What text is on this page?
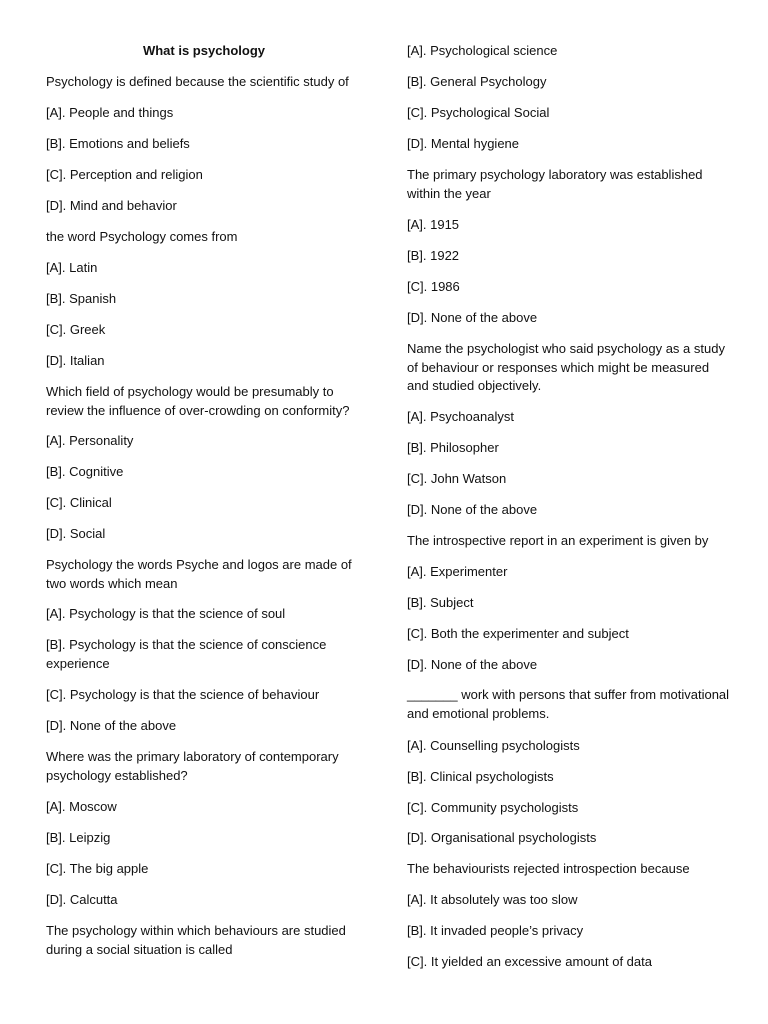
What is psychology
Psychology is defined because the scientific study of
[A]. People and things
[B]. Emotions and beliefs
[C]. Perception and religion
[D]. Mind and behavior
the word Psychology comes from
[A]. Latin
[B]. Spanish
[C]. Greek
[D]. Italian
Which field of psychology would be presumably to review the influence of over-crowding on conformity?
[A]. Personality
[B]. Cognitive
[C]. Clinical
[D]. Social
Psychology the words Psyche and logos are made of two words which mean
[A]. Psychology is that the science of soul
[B]. Psychology is that the science of conscience experience
[C]. Psychology is that the science of behaviour
[D]. None of the above
Where was the primary laboratory of contemporary psychology established?
[A]. Moscow
[B]. Leipzig
[C]. The big apple
[D]. Calcutta
The psychology within which behaviours are studied during a social situation is called
[A]. Psychological science
[B]. General Psychology
[C]. Psychological Social
[D]. Mental hygiene
The primary psychology laboratory was established within the year
[A]. 1915
[B]. 1922
[C]. 1986
[D]. None of the above
Name the psychologist who said psychology as a study of behaviour or responses which might be measured and studied objectively.
[A]. Psychoanalyst
[B]. Philosopher
[C]. John Watson
[D]. None of the above
The introspective report in an experiment is given by
[A]. Experimenter
[B]. Subject
[C]. Both the experimenter and subject
[D]. None of the above
_______ work with persons that suffer from motivational and emotional problems.
[A]. Counselling psychologists
[B]. Clinical psychologists
[C]. Community psychologists
[D]. Organisational psychologists
The behaviourists rejected introspection because
[A]. It absolutely was too slow
[B]. It invaded people’s privacy
[C]. It yielded an excessive amount of data
